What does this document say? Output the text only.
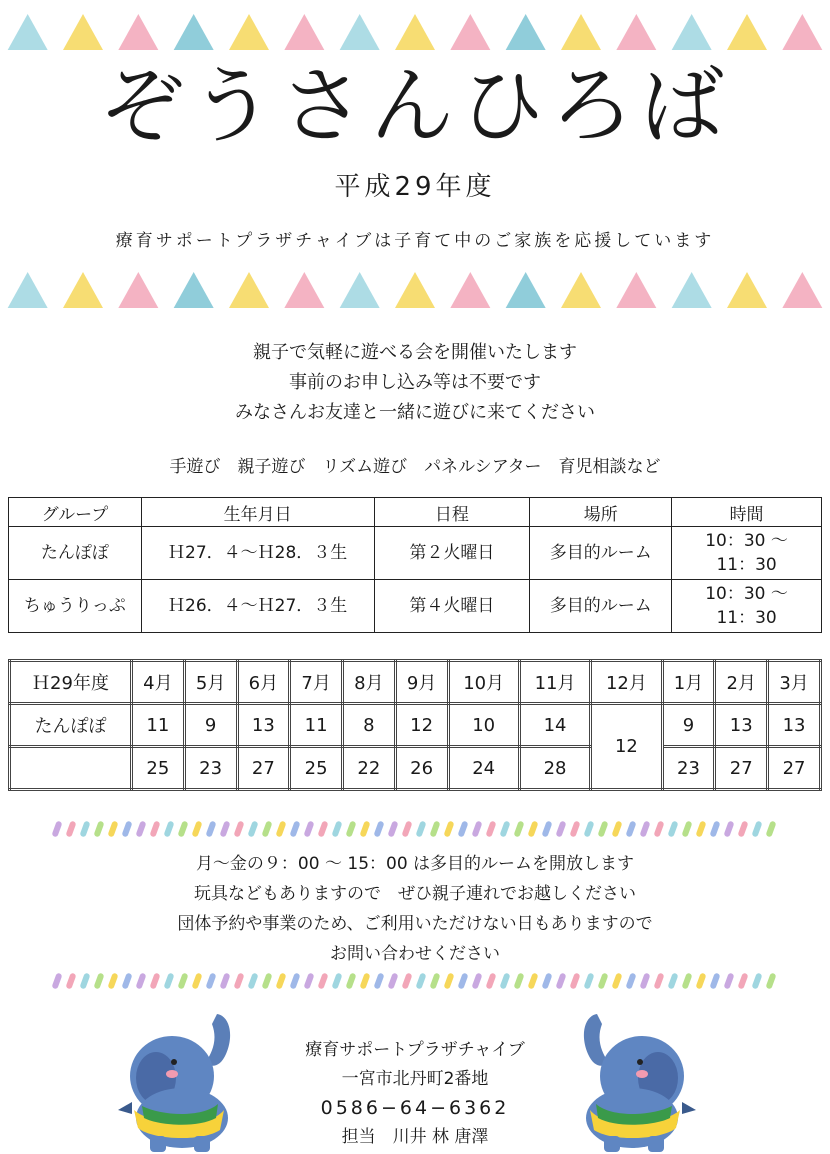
ぞうさんひろば
平成29年度
療育サポートプラザチャイブは子育て中のご家族を応援しています
親子で気軽に遊べる会を開催いたします
事前のお申し込み等は不要です
みなさんお友達と一緒に遊びに来てください
手遊び　親子遊び　リズム遊び　パネルシアター　育児相談など
グループ	生年月日	日程	場所	時間
たんぽぽ	Ｈ27．４～Ｈ28．３生	第２火曜日	多目的ルーム	10：30 ～
11：30

ちゅうりっぷ	Ｈ26．４～Ｈ27．３生	第４火曜日	多目的ルーム	10：30 ～
11：30
Ｈ29年度	4月	5月	6月	7月	8月	9月	10月	11月	12月	1月	2月	3月
たんぽぽ	11	9	13	11	8	12	10	14	12	9	13	13
	25	23	27	25	22	26	24	28		23	27	27
月～金の９：00 ～ 15：00 は多目的ルームを開放します
玩具などもありますので　ぜひ親子連れでお越しください
団体予約や事業のため、ご利用いただけない日もありますので
お問い合わせください
療育サポートプラザチャイブ
一宮市北丹町2番地
0586−64−6362
担当　川井 林 唐澤
